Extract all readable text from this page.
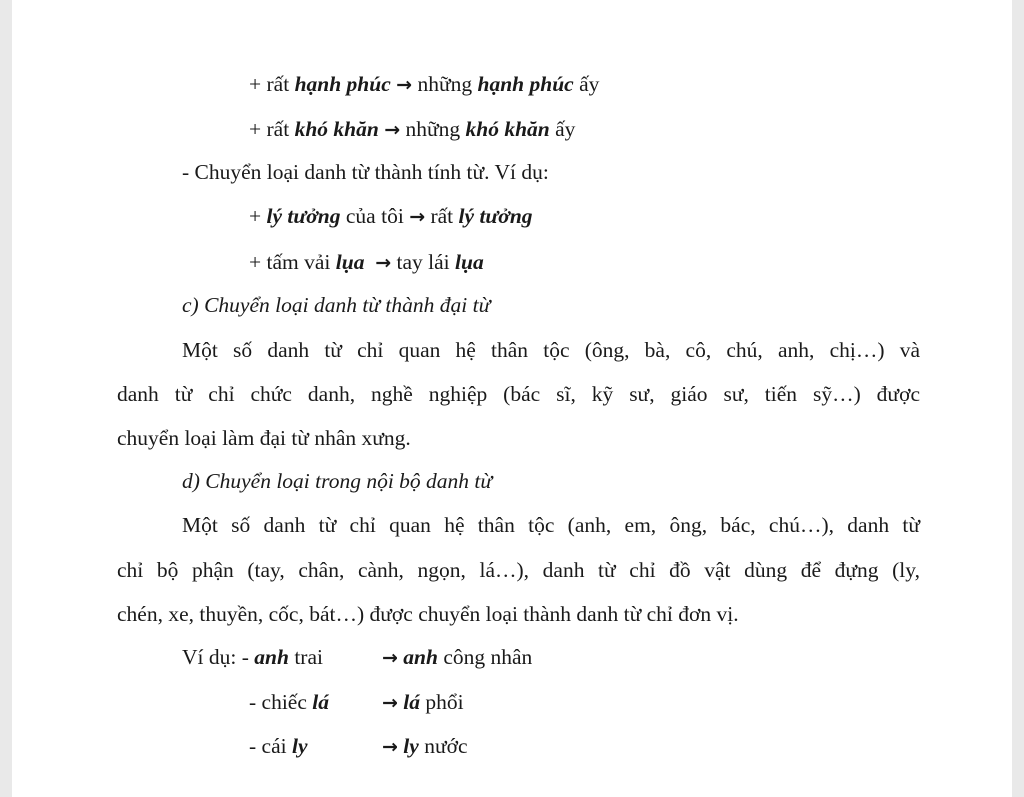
+ rất hạnh phúc → những hạnh phúc ấy
+ rất khó khăn → những khó khăn ấy
- Chuyển loại danh từ thành tính từ. Ví dụ:
+ lý tưởng của tôi → rất lý tưởng
+ tấm vải lụa → tay lái lụa
c) Chuyển loại danh từ thành đại từ
Một số danh từ chỉ quan hệ thân tộc (ông, bà, cô, chú, anh, chị…) và
danh từ chỉ chức danh, nghề nghiệp (bác sĩ, kỹ sư, giáo sư, tiến sỹ…) được
chuyển loại làm đại từ nhân xưng.
d) Chuyển loại trong nội bộ danh từ
Một số danh từ chỉ quan hệ thân tộc (anh, em, ông, bác, chú…), danh từ
chỉ bộ phận (tay, chân, cành, ngọn, lá…), danh từ chỉ đồ vật dùng để đựng (ly,
chén, xe, thuyền, cốc, bát…) được chuyển loại thành danh từ chỉ đơn vị.
Ví dụ: - anh trai	→ anh công nhân
- chiếc lá	→ lá phổi
- cái ly	→ ly nước
